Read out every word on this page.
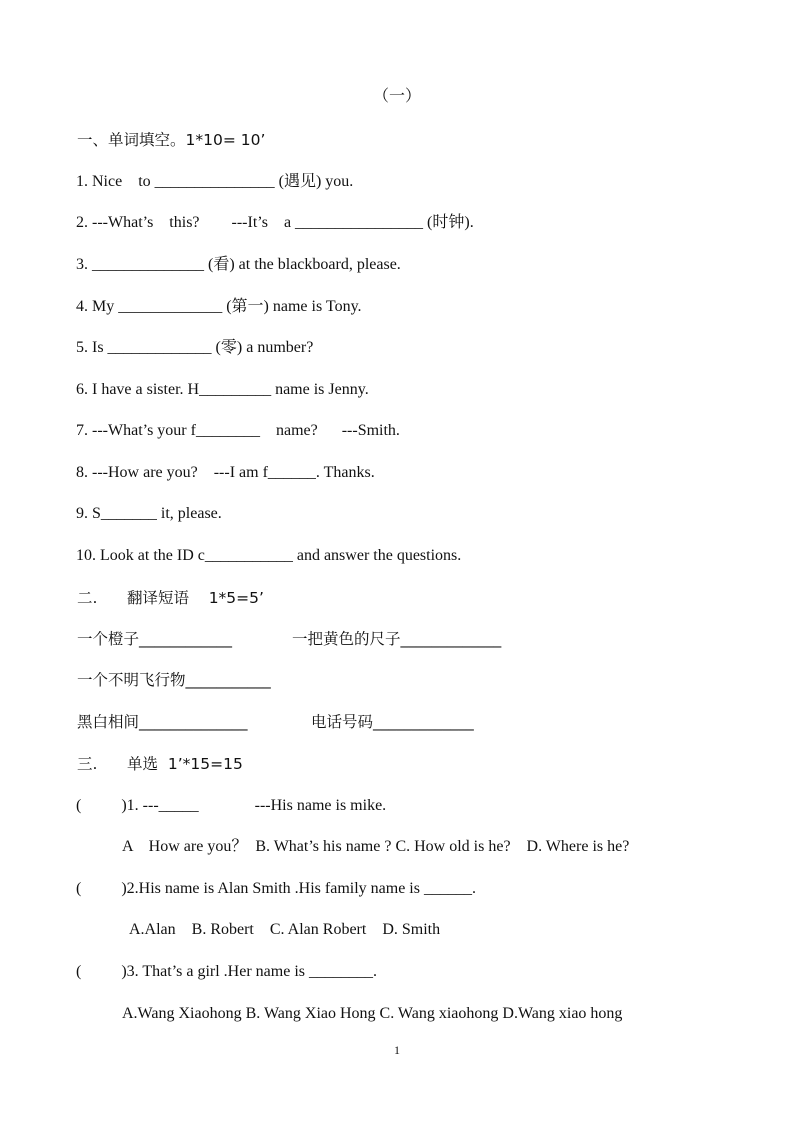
（一）
一、单词填空。1*10= 10’
1. Nice    to _______________ (遇见) you.
2. ---What’s    this?        ---It’s    a ________________ (时钟).
3. ______________ (看) at the blackboard, please.
4. My _____________ (第一) name is Tony.
5. Is _____________ (零) a number?
6. I have a sister. H_________ name is Jenny.
7. ---What’s your f________    name?      ---Smith.
8. ---How are you?    ---I am f______. Thanks.
9. S_______ it, please.
10. Look at the ID c___________ and answer the questions.
二.      翻译短语    1*5=5’
一个橙子____________	一把黄色的尺子_____________
一个不明飞行物___________
黑白相间______________	电话号码_____________
三.      单选  1’*15=15
(          )1. ---_____              ---His name is mike.
A    How are you？  B. What’s his name ? C. How old is he?    D. Where is he?
(          )2.His name is Alan Smith .His family name is ______.
A.Alan    B. Robert    C. Alan Robert    D. Smith
(          )3. That’s a girl .Her name is ________.
A.Wang Xiaohong B. Wang Xiao Hong C. Wang xiaohong D.Wang xiao hong
1
